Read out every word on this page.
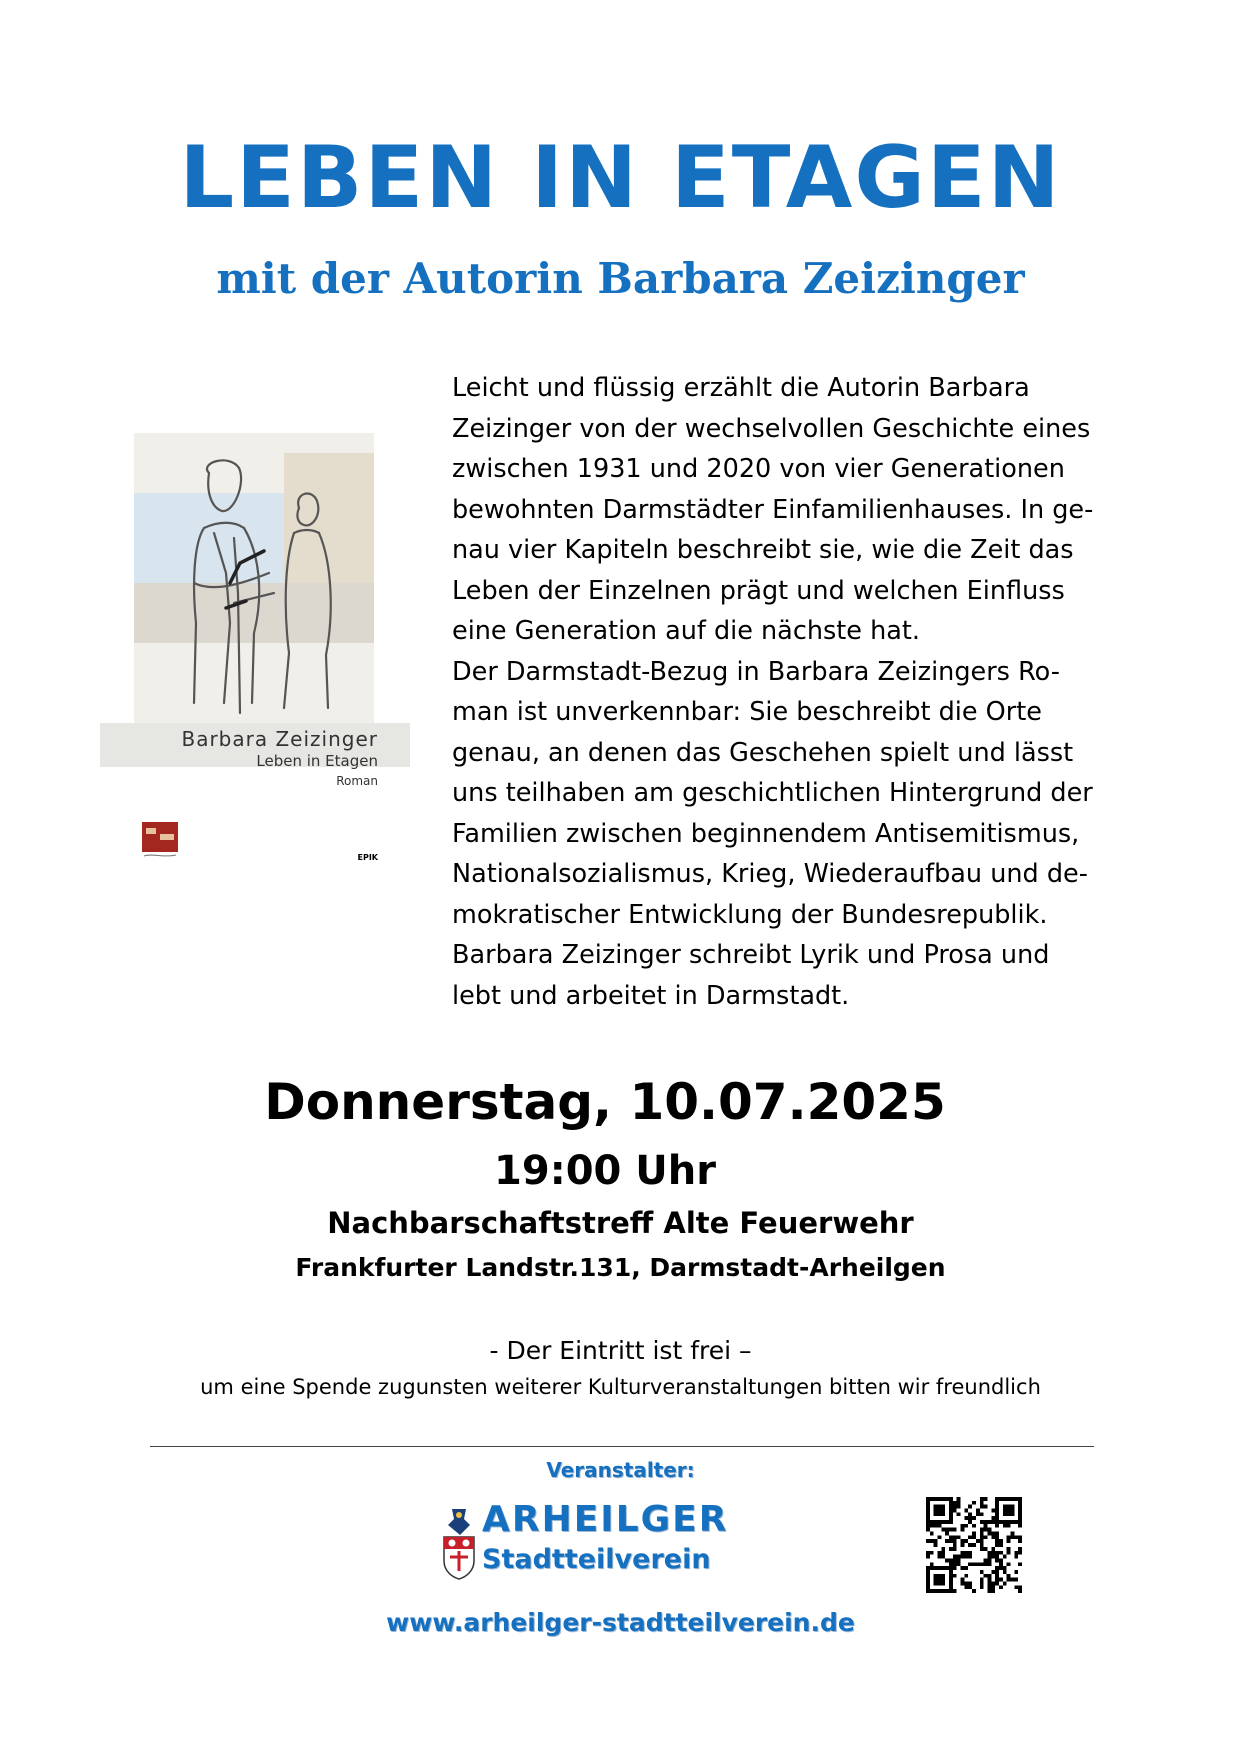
LEBEN IN ETAGEN
mit der Autorin Barbara Zeizinger
Barbara Zeizinger
Leben in Etagen
Roman
EPIK
Leicht und flüssig erzählt die Autorin Barbara
Zeizinger von der wechselvollen Geschichte eines
zwischen 1931 und 2020 von vier Generationen
bewohnten Darmstädter Einfamilienhauses. In ge-
nau vier Kapiteln beschreibt sie, wie die Zeit das
Leben der Einzelnen prägt und welchen Einfluss
eine Generation auf die nächste hat.
Der Darmstadt-Bezug in Barbara Zeizingers Ro-
man ist unverkennbar: Sie beschreibt die Orte
genau, an denen das Geschehen spielt und lässt
uns teilhaben am geschichtlichen Hintergrund der
Familien zwischen beginnendem Antisemitismus,
Nationalsozialismus, Krieg, Wiederaufbau und de-
mokratischer Entwicklung der Bundesrepublik.
Barbara Zeizinger schreibt Lyrik und Prosa und
lebt und arbeitet in Darmstadt.
Donnerstag, 10.07.2025
19:00 Uhr
Nachbarschaftstreff Alte Feuerwehr
Frankfurter Landstr.131, Darmstadt-Arheilgen
- Der Eintritt ist frei –
um eine Spende zugunsten weiterer Kulturveranstaltungen bitten wir freundlich
Veranstalter:
ARHEILGER
Stadtteilverein
www.arheilger-stadtteilverein.de
